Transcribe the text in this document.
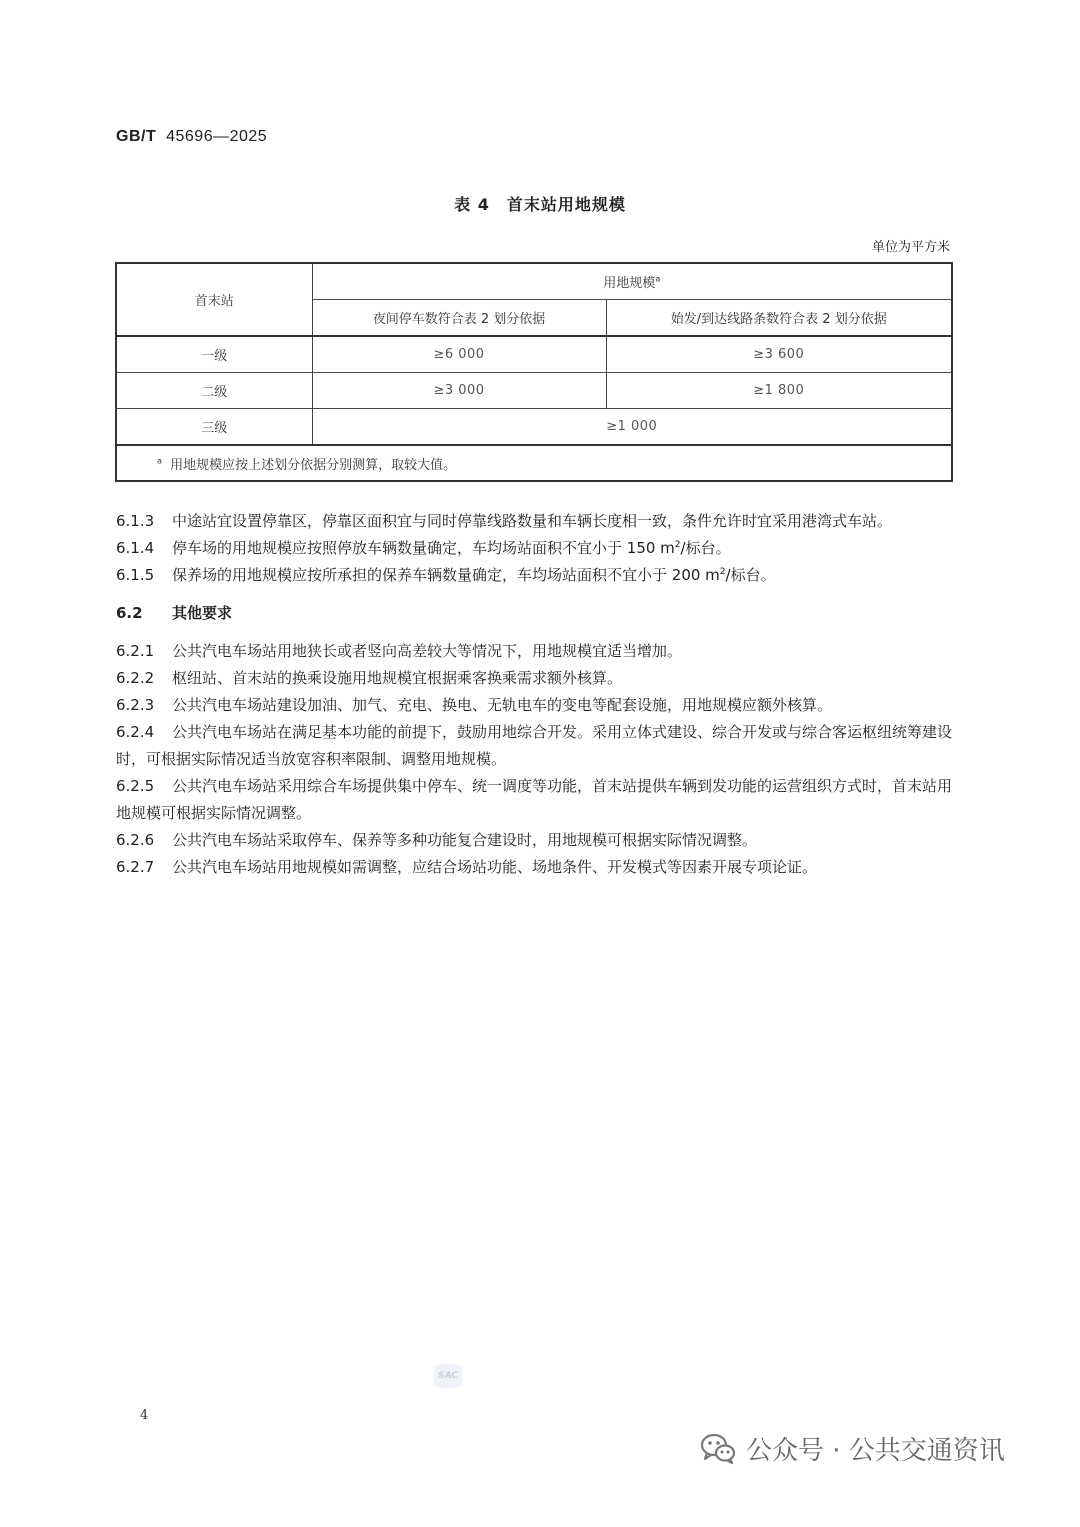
GB/T 45696—2025
表 4　首末站用地规模
单位为平方米
首末站	用地规模$^a$
	夜间停车数符合表 2 划分依据	始发/到达线路条数符合表 2 划分依据
一级	≥6 000	≥3 600
二级	≥3 000	≥1 800
三级	≥1 000	
$^a$ 用地规模应按上述划分依据分别测算，取较大值。		

6.1.3 中途站宜设置停靠区，停靠区面积宜与同时停靠线路数量和车辆长度相一致，条件允许时宜采用港湾式车站。

6.1.4 停车场的用地规模应按照停放车辆数量确定，车均场站面积不宜小于 150 $m^2/$标台。

6.1.5 保养场的用地规模应按所承担的保养车辆数量确定，车均场站面积不宜小于 200 $m^2/$标台。

6.2 其他要求

6.2.1 公共汽电车场站用地狭长或者竖向高差较大等情况下，用地规模宜适当增加。

6.2.2 枢纽站、首末站的换乘设施用地规模宜根据乘客换乘需求额外核算。

6.2.3 公共汽电车场站建设加油、加气、充电、换电、无轨电车的变电等配套设施，用地规模应额外核算。

6.2.4 公共汽电车场站在满足基本功能的前提下，鼓励用地综合开发。采用立体式建设、综合开发或与综合客运枢纽统筹建设时，可根据实际情况适当放宽容积率限制、调整用地规模。

6.2.5 公共汽电车场站采用综合车场提供集中停车、统一调度等功能，首末站提供车辆到发功能的运营组织方式时，首末站用地规模可根据实际情况调整。

6.2.6 公共汽电车场站采取停车、保养等多种功能复合建设时，用地规模可根据实际情况调整。

6.2.7 公共汽电车场站用地规模如需调整，应结合场站功能、场地条件、开发模式等因素开展专项论证。

SAC
4
公众号 · 公共交通资讯
